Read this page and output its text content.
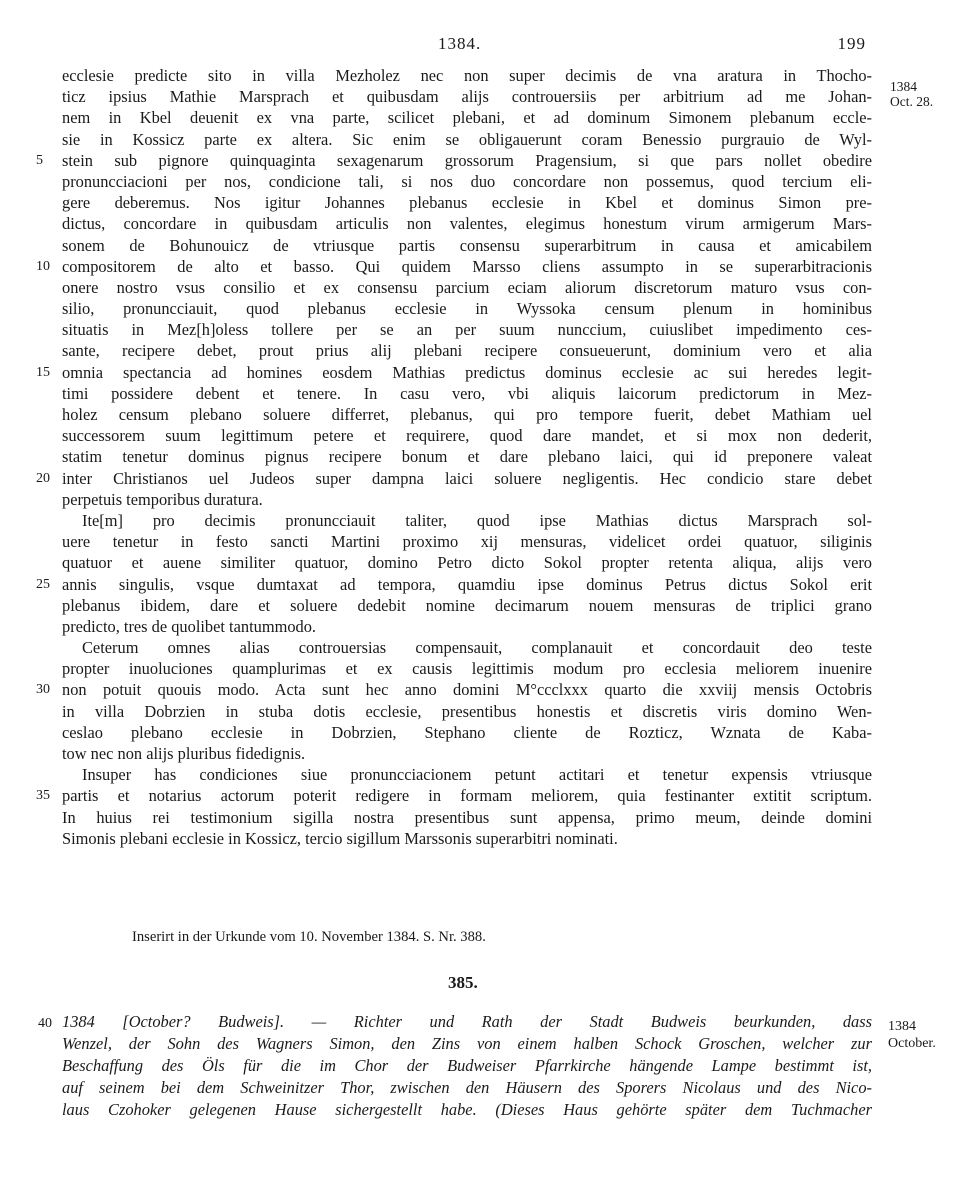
1384.	199
1384
Oct. 28.
ecclesie predicte sito in villa Mezholez nec non super decimis de vna aratura in Thocho-
ticz ipsius Mathie Marsprach et quibusdam alijs controuersiis per arbitrium ad me Johan-
nem in Kbel deuenit ex vna parte, scilicet plebani, et ad dominum Simonem plebanum eccle-
sie in Kossicz parte ex altera. Sic enim se obligauerunt coram Benessio purgrauio de Wyl-
5	stein sub pignore quinquaginta sexagenarum grossorum Pragensium, si que pars nollet obedire
pronuncciacioni per nos, condicione tali, si nos duo concordare non possemus, quod tercium eli-
gere deberemus. Nos igitur Johannes plebanus ecclesie in Kbel et dominus Simon pre-
dictus, concordare in quibusdam articulis non valentes, elegimus honestum virum armigerum Mars-
sonem de Bohunouicz de vtriusque partis consensu superarbitrum in causa et amicabilem
10 compositorem de alto et basso. Qui quidem Marsso cliens assumpto in se superarbitracionis
onere nostro vsus consilio et ex consensu parcium eciam aliorum discretorum maturo vsus con-
silio, pronuncciauit, quod plebanus ecclesie in Wyssoka censum plenum in hominibus
situatis in Mez[h]oless tollere per se an per suum nunccium, cuiuslibet impedimento ces-
sante, recipere debet, prout prius alij plebani recipere consueuerunt, dominium vero et alia
15 omnia spectancia ad homines eosdem Mathias predictus dominus ecclesie ac sui heredes legit-
timi possidere debent et tenere. In casu vero, vbi aliquis laicorum predictorum in Mez-
holez censum plebano soluere differret, plebanus, qui pro tempore fuerit, debet Mathiam uel
successorem suum legittimum petere et requirere, quod dare mandet, et si mox non dederit,
statim tenetur dominus pignus recipere bonum et dare plebano laici, qui id preponere valeat
20 inter Christianos uel Judeos super dampna laici soluere negligentis. Hec condicio stare debet
perpetuis temporibus duratura.
Ite[m] pro decimis pronuncciauit taliter, quod ipse Mathias dictus Marsprach sol-
uere tenetur in festo sancti Martini proximo xij mensuras, videlicet ordei quatuor, siliginis
quatuor et auene similiter quatuor, domino Petro dicto Sokol propter retenta aliqua, alijs vero
25 annis singulis, vsque dumtaxat ad tempora, quamdiu ipse dominus Petrus dictus Sokol erit
plebanus ibidem, dare et soluere dedebit nomine decimarum nouem mensuras de triplici grano
predicto, tres de quolibet tantummodo.
Ceterum omnes alias controuersias compensauit, complanauit et concordauit deo teste
propter inuoluciones quamplurimas et ex causis legittimis modum pro ecclesia meliorem inuenire
30 non potuit quouis modo. Acta sunt hec anno domini M°ccclxxx quarto die xxviij mensis Octobris
in villa Dobrzien in stuba dotis ecclesie, presentibus honestis et discretis viris domino Wen-
ceslao plebano ecclesie in Dobrzien, Stephano cliente de Rozticz, Wznata de Kaba-
tow nec non alijs pluribus fidedignis.
Insuper has condiciones siue pronuncciacionem petunt actitari et tenetur expensis vtriusque
35 partis et notarius actorum poterit redigere in formam meliorem, quia festinanter extitit scriptum.
In huius rei testimonium sigilla nostra presentibus sunt appensa, primo meum, deinde domini
Simonis plebani ecclesie in Kossicz, tercio sigillum Marssonis superarbitri nominati.
Inserirt in der Urkunde vom 10. November 1384. S. Nr. 388.
385.
40 1384 [October? Budweis]. — Richter und Rath der Stadt Budweis beurkunden, dass
Wenzel, der Sohn des Wagners Simon, den Zins von einem halben Schock Groschen, welcher zur
Beschaffung des Öls für die im Chor der Budweiser Pfarrkirche hängende Lampe bestimmt ist,
auf seinem bei dem Schweinitzer Thor, zwischen den Häusern des Sporers Nicolaus und des Nico-
laus Czohoker gelegenen Hause sichergestellt habe. (Dieses Haus gehörte später dem Tuchmacher
1384
October.
